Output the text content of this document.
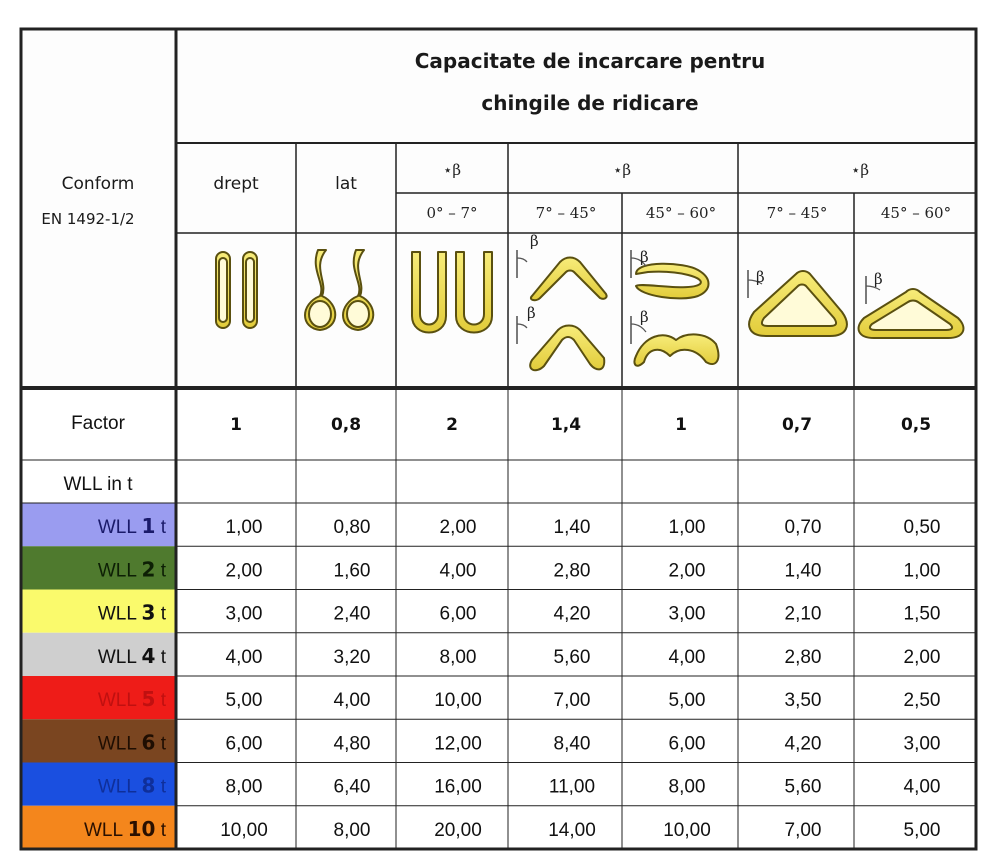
Capacitate de incarcare pentru
chingile de ridicare
Conform
EN 1492-1/2
drept	lat
⋆β	⋆β	⋆β
0° – 7°	7° – 45°	45° – 60°	7° – 45°	45° – 60°
β
β
β
β
β	β
Factor	1	0,8	2	1,4	1	0,7	0,5
WLL in t
WLL 1 t	1,00	0,80	2,00	1,40	1,00	0,70	0,50
WLL 2 t	2,00	1,60	4,00	2,80	2,00	1,40	1,00
WLL 3 t	3,00	2,40	6,00	4,20	3,00	2,10	1,50
WLL 4 t	4,00	3,20	8,00	5,60	4,00	2,80	2,00
WLL 5 t	5,00	4,00	10,00	7,00	5,00	3,50	2,50
WLL 6 t	6,00	4,80	12,00	8,40	6,00	4,20	3,00
WLL 8 t	8,00	6,40	16,00	11,00	8,00	5,60	4,00
WLL 10 t	10,00	8,00	20,00	14,00	10,00	7,00	5,00
